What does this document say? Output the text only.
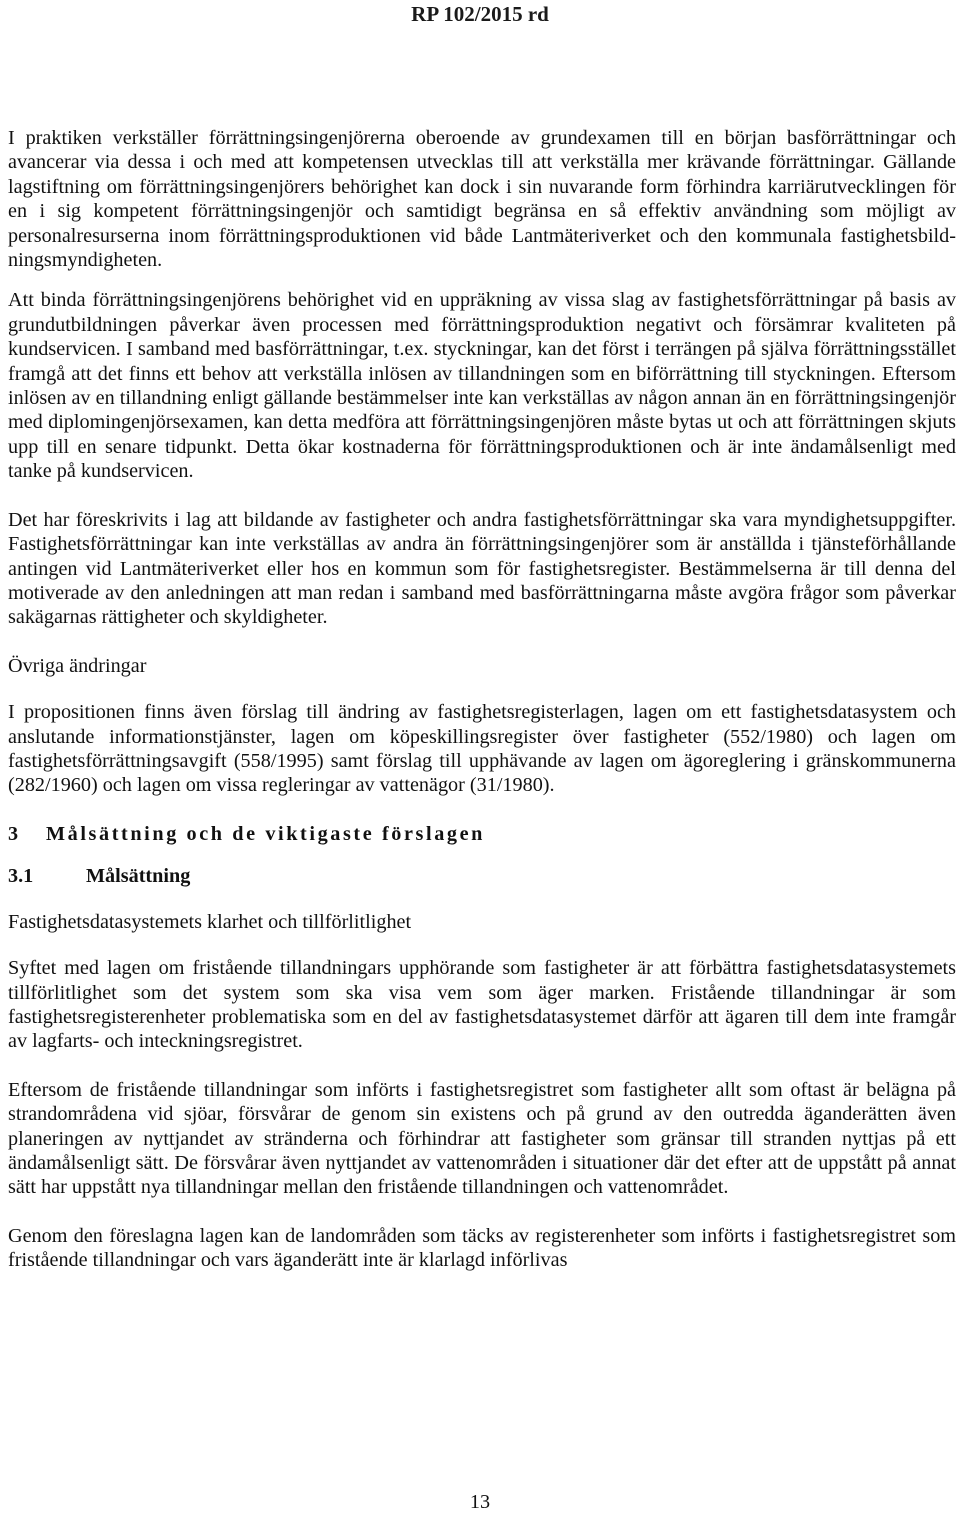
RP 102/2015 rd

I praktiken verkställer förrättningsingenjörerna oberoende av grundexamen till en början basförrättningar och avancerar via dessa i och med att kompetensen utvecklas till att verkställa mer krävande förrättningar. Gällande lagstiftning om förrättningsingenjörers behörighet kan dock i sin nuvarande form förhindra karriärutvecklingen för en i sig kompetent förrättningsingenjör och samtidigt begränsa en så effektiv användning som möjligt av personalresurserna inom förrättningsproduktionen vid både Lantmäteriverket och den kommunala fastighetsbildningsmyndigheten.

Att binda förrättningsingenjörens behörighet vid en uppräkning av vissa slag av fastighetsförrättningar på basis av grundutbildningen påverkar även processen med förrättningsproduktion negativt och försämrar kvaliteten på kundservicen. I samband med basförrättningar, t.ex. styckningar, kan det först i terrängen på själva förrättningsstället framgå att det finns ett behov att verkställa inlösen av tillandningen som en biförrättning till styckningen. Eftersom inlösen av en tillandning enligt gällande bestämmelser inte kan verkställas av någon annan än en förrättningsingenjör med diplomingenjörsexamen, kan detta medföra att förrättningsingenjören måste bytas ut och att förrättningen skjuts upp till en senare tidpunkt. Detta ökar kostnaderna för förrättningsproduktionen och är inte ändamålsenligt med tanke på kundservicen.

Det har föreskrivits i lag att bildande av fastigheter och andra fastighetsförrättningar ska vara myndighetsuppgifter. Fastighetsförrättningar kan inte verkställas av andra än förrättningsingenjörer som är anställda i tjänsteförhållande antingen vid Lantmäteriverket eller hos en kommun som för fastighetsregister. Bestämmelserna är till denna del motiverade av den anledningen att man redan i samband med basförrättningarna måste avgöra frågor som påverkar sakägarnas rättigheter och skyldigheter.

Övriga ändringar

I propositionen finns även förslag till ändring av fastighetsregisterlagen, lagen om ett fastighetsdatasystem och anslutande informationstjänster, lagen om köpeskillingsregister över fastigheter (552/1980) och lagen om fastighetsförrättningsavgift (558/1995) samt förslag till upphävande av lagen om ägoreglering i gränskommunerna (282/1960) och lagen om vissa regleringar av vattenägor (31/1980).

3 Målsättning och de viktigaste förslagen
3.1	Målsättning

Fastighetsdatasystemets klarhet och tillförlitlighet

Syftet med lagen om fristående tillandningars upphörande som fastigheter är att förbättra fastighetsdatasystemets tillförlitlighet som det system som ska visa vem som äger marken. Fristående tillandningar är som fastighetsregisterenheter problematiska som en del av fastighetsdatasystemet därför att ägaren till dem inte framgår av lagfarts- och inteckningsregistret.

Eftersom de fristående tillandningar som införts i fastighetsregistret som fastigheter allt som oftast är belägna på strandområdena vid sjöar, försvårar de genom sin existens och på grund av den outredda äganderätten även planeringen av nyttjandet av stränderna och förhindrar att fastigheter som gränsar till stranden nyttjas på ett ändamålsenligt sätt. De försvårar även nyttjandet av vattenområden i situationer där det efter att de uppstått på annat sätt har uppstått nya tillandningar mellan den fristående tillandningen och vattenområdet.

Genom den föreslagna lagen kan de landområden som täcks av registerenheter som införts i fastighetsregistret som fristående tillandningar och vars äganderätt inte är klarlagd införlivas

13
